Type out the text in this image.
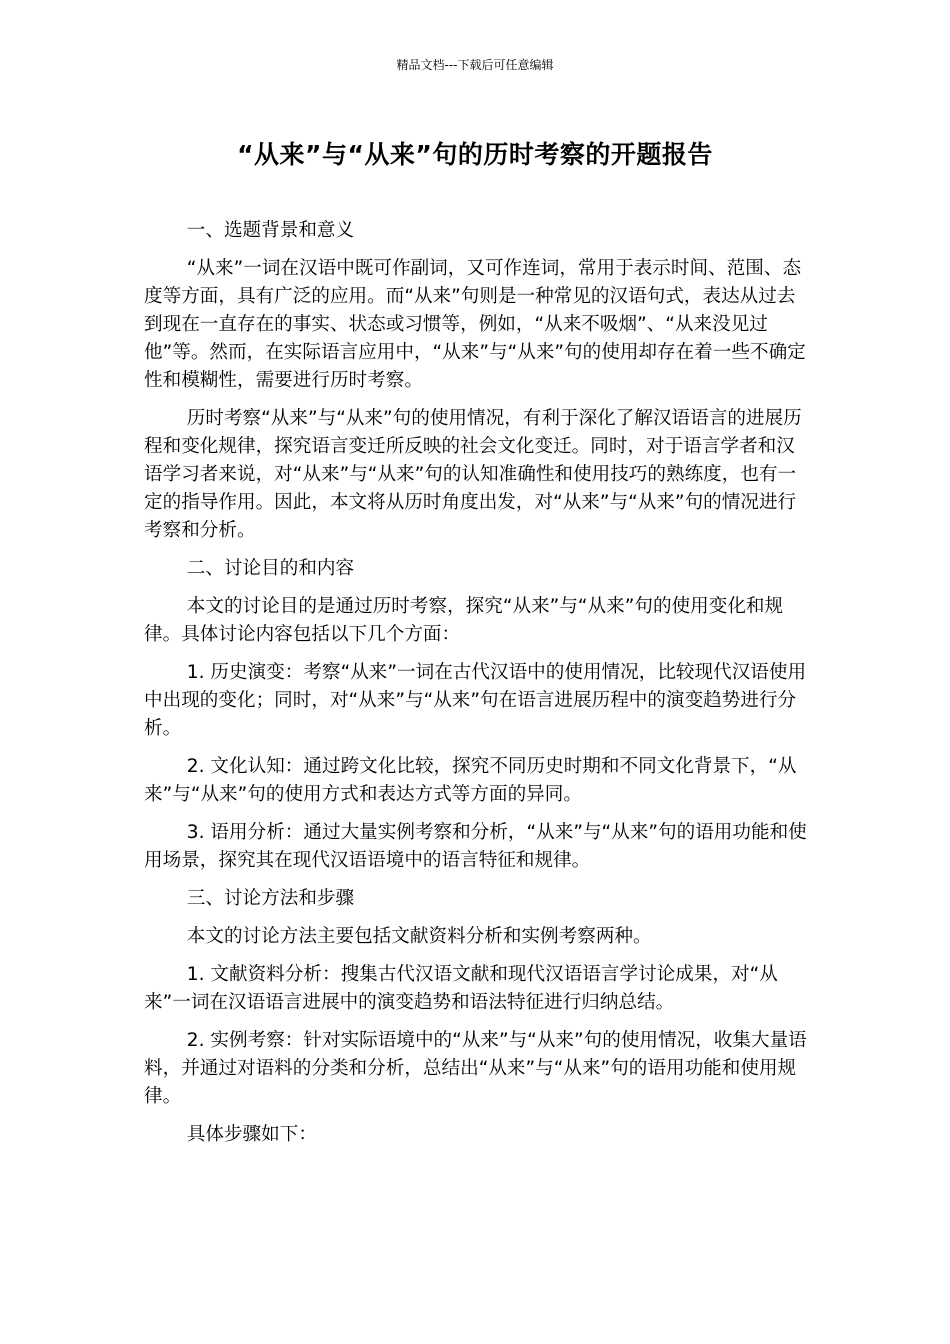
精品文档---下载后可任意编辑
“从来”与“从来”句的历时考察的开题报告

一、选题背景和意义

“从来”一词在汉语中既可作副词，又可作连词，常用于表示时间、范围、态度等方面，具有广泛的应用。而“从来”句则是一种常见的汉语句式，表达从过去到现在一直存在的事实、状态或习惯等，例如，“从来不吸烟”、“从来没见过他”等。然而，在实际语言应用中，“从来”与“从来”句的使用却存在着一些不确定性和模糊性，需要进行历时考察。

历时考察“从来”与“从来”句的使用情况，有利于深化了解汉语语言的进展历程和变化规律，探究语言变迁所反映的社会文化变迁。同时，对于语言学者和汉语学习者来说，对“从来”与“从来”句的认知准确性和使用技巧的熟练度，也有一定的指导作用。因此，本文将从历时角度出发，对“从来”与“从来”句的情况进行考察和分析。

二、讨论目的和内容

本文的讨论目的是通过历时考察，探究“从来”与“从来”句的使用变化和规律。具体讨论内容包括以下几个方面：

1. 历史演变：考察“从来”一词在古代汉语中的使用情况，比较现代汉语使用中出现的变化；同时，对“从来”与“从来”句在语言进展历程中的演变趋势进行分析。

2. 文化认知：通过跨文化比较，探究不同历史时期和不同文化背景下，“从来”与“从来”句的使用方式和表达方式等方面的异同。

3. 语用分析：通过大量实例考察和分析，“从来”与“从来”句的语用功能和使用场景，探究其在现代汉语语境中的语言特征和规律。

三、讨论方法和步骤

本文的讨论方法主要包括文献资料分析和实例考察两种。

1. 文献资料分析：搜集古代汉语文献和现代汉语语言学讨论成果，对“从来”一词在汉语语言进展中的演变趋势和语法特征进行归纳总结。

2. 实例考察：针对实际语境中的“从来”与“从来”句的使用情况，收集大量语料，并通过对语料的分类和分析，总结出“从来”与“从来”句的语用功能和使用规律。

具体步骤如下：
